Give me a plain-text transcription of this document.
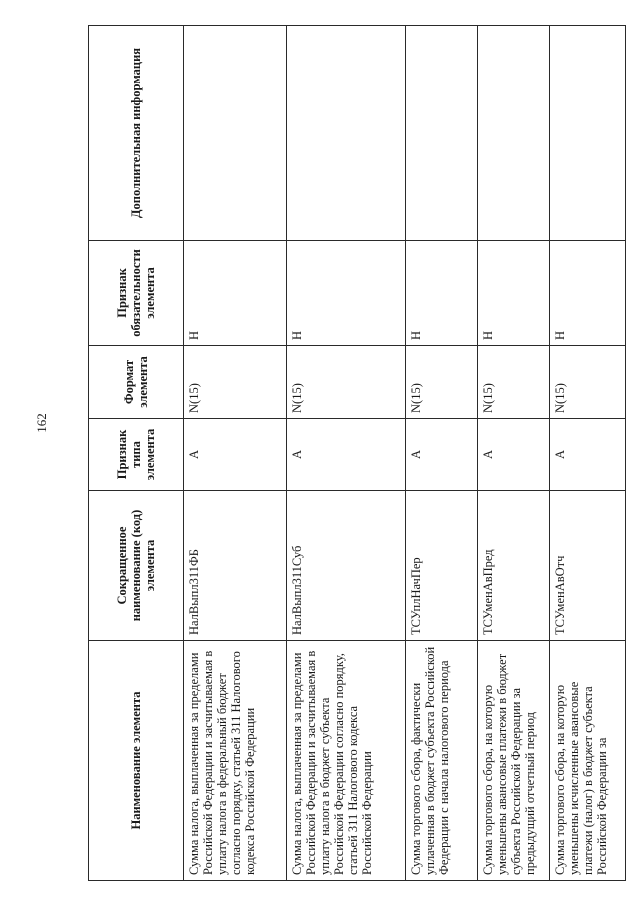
162
Наименование элемента	Сокращенное наименование (код) элемента	Признак типа элемента	Формат элемента	Признак обязательности элемента	Дополнительная информация
Сумма налога, выплаченная за пределами Российской Федерации и засчитываемая в уплату налога в федеральный бюджет согласно порядку, статьей 311 Налогового кодекса Российской Федерации	НалВыпл311ФБ	А	N(15)	Н	
Сумма налога, выплаченная за пределами Российской Федерации и засчитываемая в уплату налога в бюджет субъекта Российской Федерации согласно порядку, статьей 311 Налогового кодекса Российской Федерации	НалВыпл311Суб	А	N(15)	Н	
Сумма торгового сбора, фактически уплаченная в бюджет субъекта Российской Федерации с начала налогового периода	ТСУплНачПер	А	N(15)	Н	
Сумма торгового сбора, на которую уменьшены авансовые платежи в бюджет субъекта Российской Федерации за предыдущий отчетный период	ТСУменАвПред	А	N(15)	Н	
Сумма торгового сбора, на которую уменьшены исчисленные авансовые платежи (налог) в бюджет субъекта Российской Федерации за	ТСУменАвОтч	А	N(15)	Н	
